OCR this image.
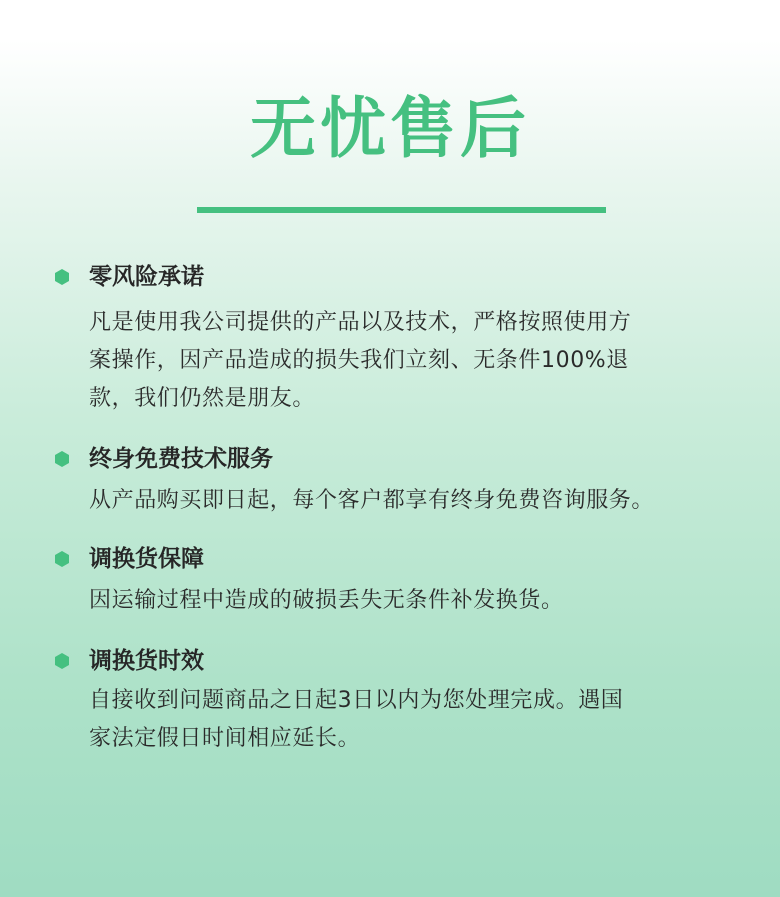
无忧售后
零风险承诺
凡是使用我公司提供的产品以及技术，严格按照使用方
案操作，因产品造成的损失我们立刻、无条件100%退
款，我们仍然是朋友。
终身免费技术服务
从产品购买即日起，每个客户都享有终身免费咨询服务。
调换货保障
因运输过程中造成的破损丢失无条件补发换货。
调换货时效
自接收到问题商品之日起3日以内为您处理完成。遇国
家法定假日时间相应延长。
